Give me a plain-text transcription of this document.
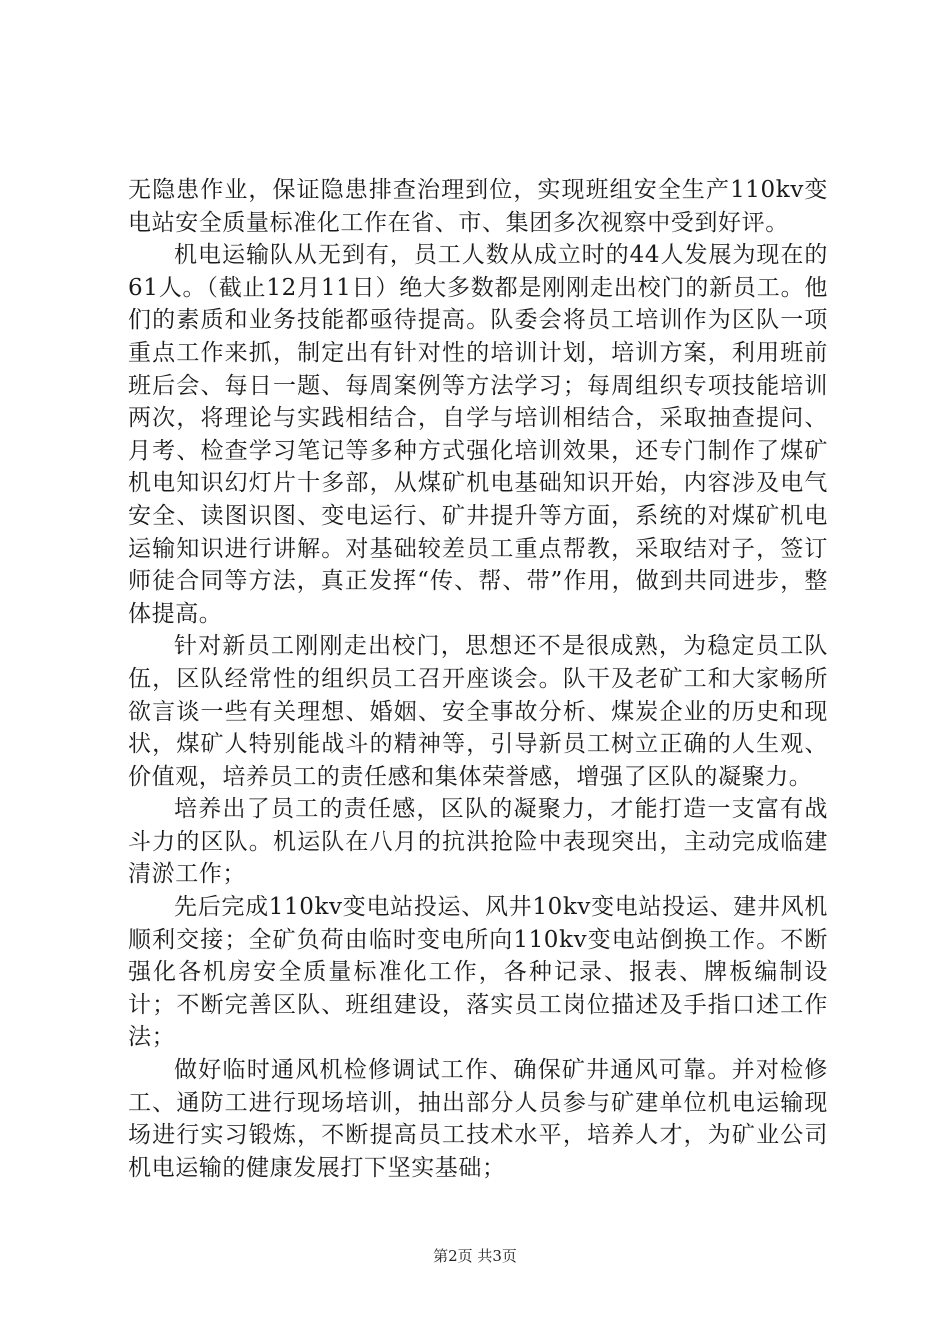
无隐患作业，保证隐患排查治理到位，实现班组安全生产110kv变电站安全质量标准化工作在省、市、集团多次视察中受到好评。

机电运输队从无到有，员工人数从成立时的44人发展为现在的61人。（截止12月11日）绝大多数都是刚刚走出校门的新员工。他们的素质和业务技能都亟待提高。队委会将员工培训作为区队一项重点工作来抓，制定出有针对性的培训计划，培训方案，利用班前班后会、每日一题、每周案例等方法学习；每周组织专项技能培训两次，将理论与实践相结合，自学与培训相结合，采取抽查提问、月考、检查学习笔记等多种方式强化培训效果，还专门制作了煤矿机电知识幻灯片十多部，从煤矿机电基础知识开始，内容涉及电气安全、读图识图、变电运行、矿井提升等方面，系统的对煤矿机电运输知识进行讲解。对基础较差员工重点帮教，采取结对子，签订师徒合同等方法，真正发挥“传、帮、带”作用，做到共同进步，整体提高。

针对新员工刚刚走出校门，思想还不是很成熟，为稳定员工队伍，区队经常性的组织员工召开座谈会。队干及老矿工和大家畅所欲言谈一些有关理想、婚姻、安全事故分析、煤炭企业的历史和现状，煤矿人特别能战斗的精神等，引导新员工树立正确的人生观、价值观，培养员工的责任感和集体荣誉感，增强了区队的凝聚力。

培养出了员工的责任感，区队的凝聚力，才能打造一支富有战斗力的区队。机运队在八月的抗洪抢险中表现突出，主动完成临建清淤工作；

先后完成110kv变电站投运、风井10kv变电站投运、建井风机顺利交接；全矿负荷由临时变电所向110kv变电站倒换工作。不断强化各机房安全质量标准化工作，各种记录、报表、牌板编制设计；不断完善区队、班组建设，落实员工岗位描述及手指口述工作法；

做好临时通风机检修调试工作、确保矿井通风可靠。并对检修工、通防工进行现场培训，抽出部分人员参与矿建单位机电运输现场进行实习锻炼，不断提高员工技术水平，培养人才，为矿业公司机电运输的健康发展打下坚实基础；

第2页 共3页
